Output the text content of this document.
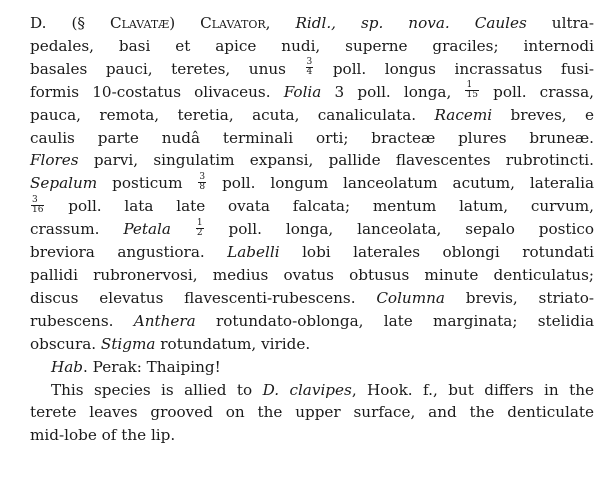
D. (§ Clavatæ) Clavator, Ridl., sp. nova. Caules ultra-
pedales, basi et apice nudi, superne graciles; internodi
basales pauci, teretes, unus $\frac{3}{4}$ poll. longus incrassatus fusi-
formis 10-costatus olivaceus. Folia 3 poll. longa, $\frac{1}{15}$ poll. crassa,
pauca, remota, teretia, acuta, canaliculata. Racemi breves, e
caulis parte nudâ terminali orti; bracteæ plures bruneæ.
Flores parvi, singulatim expansi, pallide flavescentes rubrotincti.
Sepalum posticum $\frac{3}{8}$ poll. longum lanceolatum acutum, lateralia
$\frac{3}{16}$ poll. lata late ovata falcata; mentum latum, curvum,
crassum. Petala	$\frac{1}{2}$ poll. longa, lanceolata, sepalo postico
breviora angustiora. Labelli lobi laterales oblongi rotundati
pallidi rubronervosi, medius ovatus obtusus minute denticulatus;
discus elevatus flavescenti-rubescens. Columna brevis, striato-
rubescens. Anthera rotundato-oblonga, late marginata; stelidia
obscura. Stigma rotundatum, viride.
Hab. Perak: Thaiping!
This species is allied to D. clavipes, Hook. f., but differs in the
terete leaves grooved on the upper surface, and the denticulate
mid-lobe of the lip.
